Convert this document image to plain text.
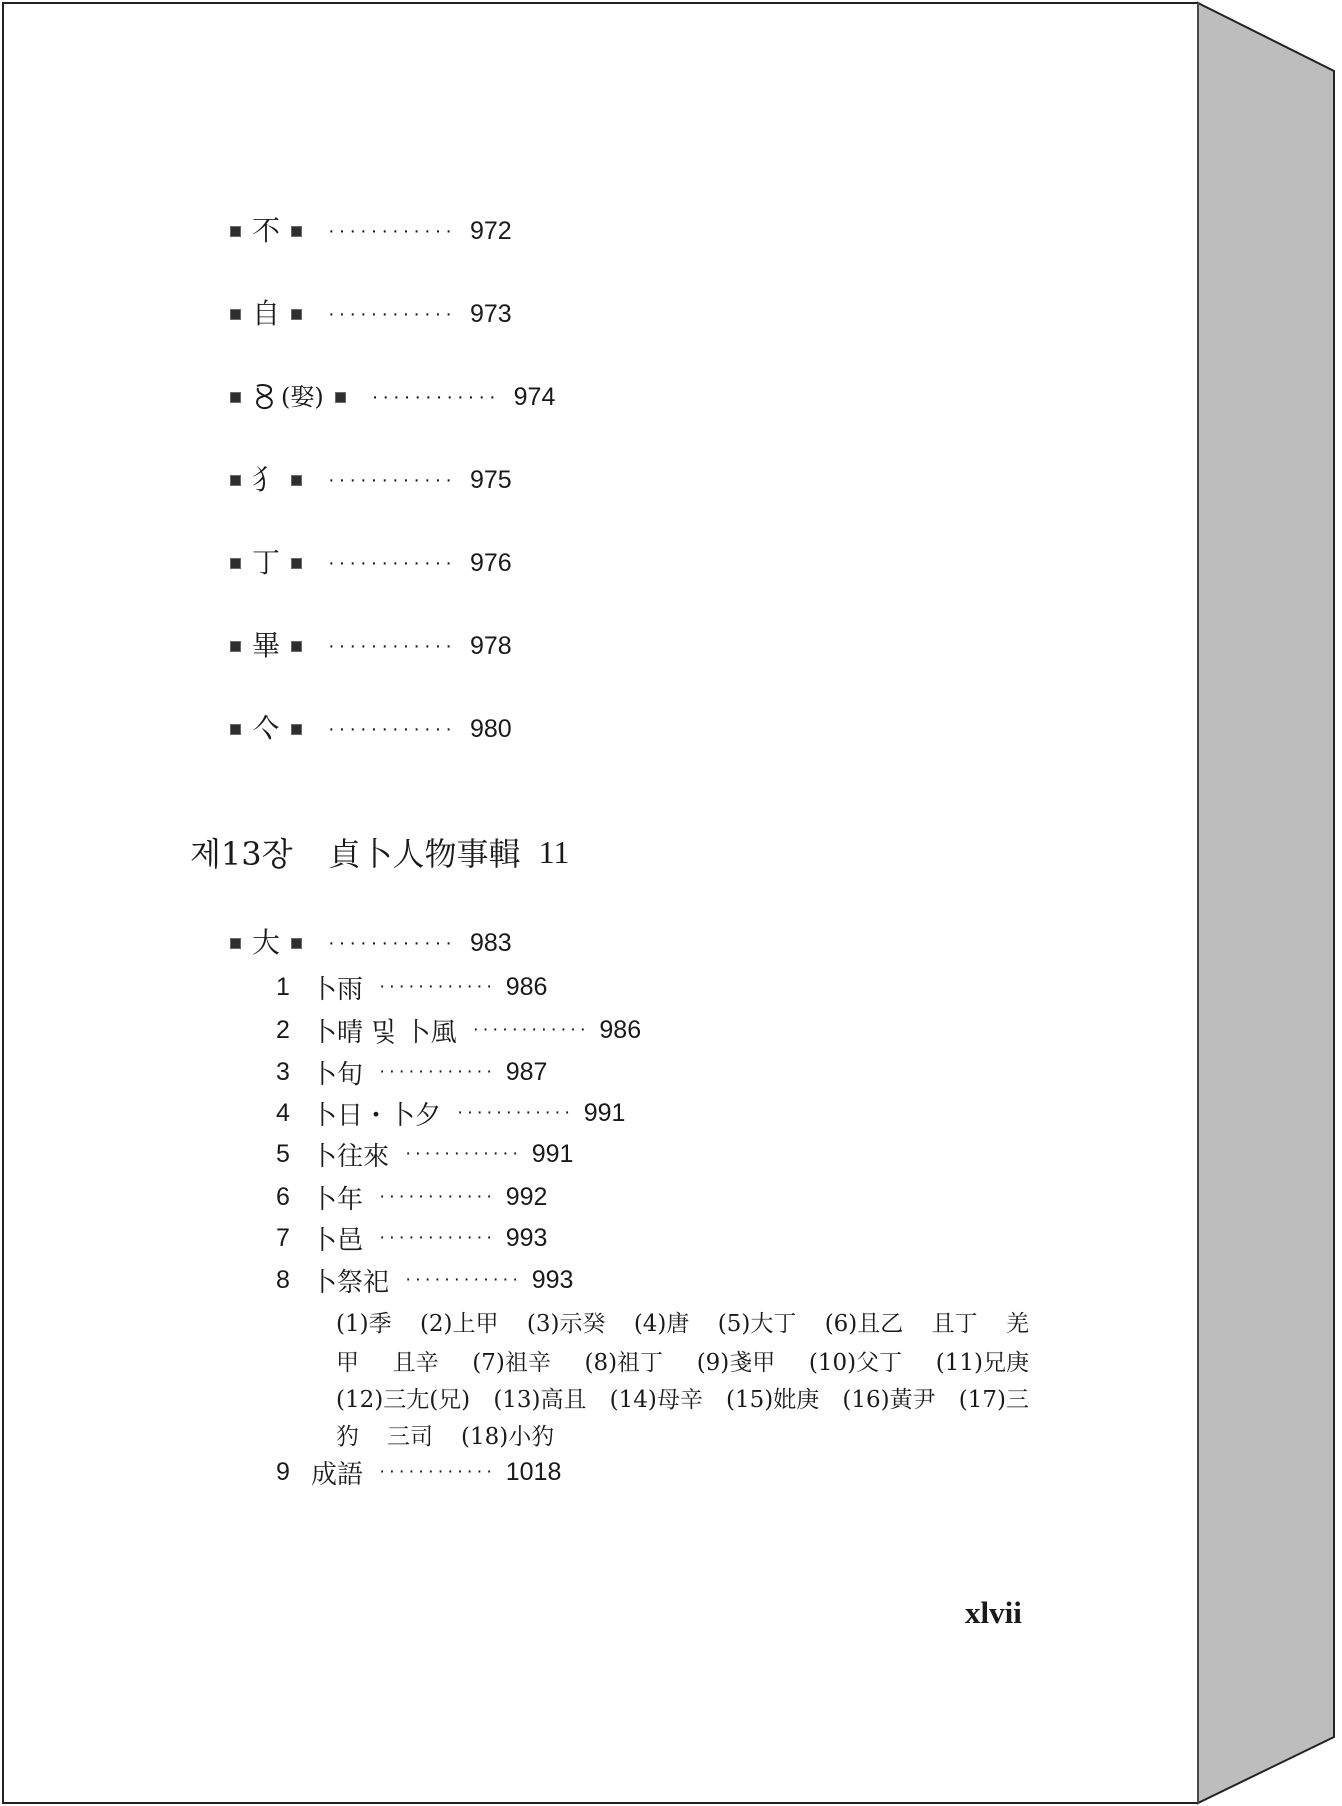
不 ············ 972
自 ············ 973
(娶) ············ 974
犭 ············ 975
丁 ············ 976
畢 ············ 978
亽 ············ 980
제13장 貞卜人物事輯 11
大 ············ 983
1 卜雨 ············ 986
2 卜晴 및 卜風 ············ 986
3 卜旬 ············ 987
4 卜日・卜夕 ············ 991
5 卜往來 ············ 991
6 卜年 ············ 992
7 卜邑 ············ 993
8 卜祭祀 ············ 993
(1)季 (2)上甲 (3)示癸 (4)唐 (5)大丁 (6)且乙 且丁 羌
甲 且辛 (7)祖辛 (8)祖丁 (9)戔甲 (10)父丁 (11)兄庚
(12)三尢(兄) (13)高且 (14)母辛 (15)妣庚 (16)黃尹 (17)三
犳 三司 (18)小犳
9 成語 ············ 1018
xlvii
